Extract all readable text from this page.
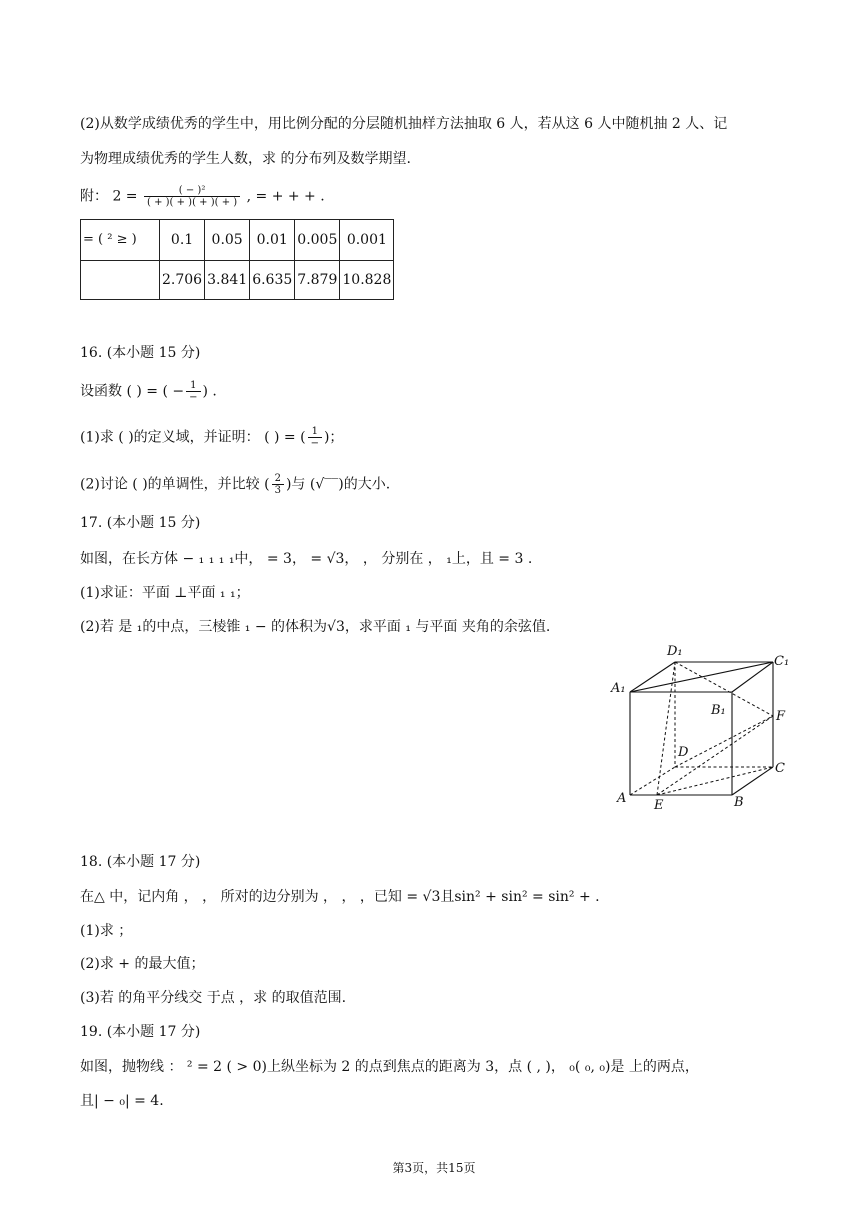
(2)从数学成绩优秀的学生中，用比例分配的分层随机抽样方法抽取 6 人，若从这 6 人中随机抽 2 人、记
为物理成绩优秀的学生人数，求 的分布列及数学期望.
附： $2 = \frac{\text{( − )²}}{( + )( + )( + )( + )}$ , = + + + .
= ( ² ≥ )	0.1	0.05	0.01	0.005	0.001
	2.706	3.841	6.635	7.879	10.828
16. (本小题 15 分)
设函数 ( ) = ( − $\frac{1}{-}$ ) .
(1)求 ( )的定义域，并证明： ( ) = ( $\frac{1}{-}$ )；
(2)讨论 ( )的单调性，并比较 ( $\frac{2}{3}$ )与 (√‾‾)的大小.
17. (本小题 15 分)
如图，在长方体 − ₁ ₁ ₁ ₁中， = 3， = √3， ， 分别在 ， ₁上，且 = 3 .
(1)求证：平面 ⊥平面 ₁ ₁；
(2)若 是 ₁的中点，三棱锥 ₁ − 的体积为√3，求平面 ₁ 与平面 夹角的余弦值.
A₁
D₁
C₁
B₁	F
D
C
A E	B
18. (本小题 17 分)
在△ 中，记内角 ， ， 所对的边分别为 ， ， ，已知 = √3且sin² + sin² = sin² + .
(1)求 ；
(2)求 + 的最大值；
(3)若 的角平分线交 于点 ，求 的取值范围.
19. (本小题 17 分)
如图，抛物线 ： ² = 2 ( > 0)上纵坐标为 2 的点到焦点的距离为 3，点 ( , )， ₀( ₀, ₀)是 上的两点，
且| − ₀| = 4.
第3页，共15页
